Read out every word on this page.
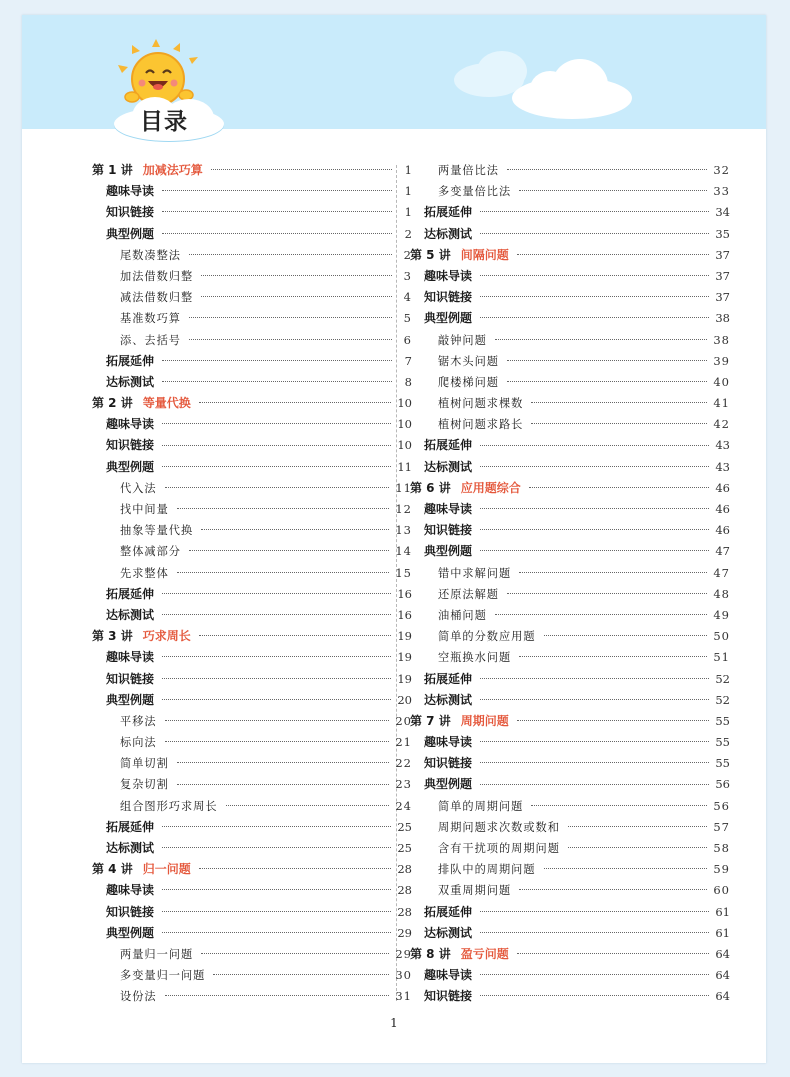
目录
第 1 讲 加减法巧算	1
趣味导读	1
知识链接	1
典型例题	2
尾数凑整法	2
加法借数归整	3
减法借数归整	4
基准数巧算	5
添、去括号	6
拓展延伸	7
达标测试	8
第 2 讲 等量代换	10
趣味导读	10
知识链接	10
典型例题	11
代入法	11
找中间量	12
抽象等量代换	13
整体减部分	14
先求整体	15
拓展延伸	16
达标测试	16
第 3 讲 巧求周长	19
趣味导读	19
知识链接	19
典型例题	20
平移法	20
标向法	21
简单切割	22
复杂切割	23
组合图形巧求周长	24
拓展延伸	25
达标测试	25
第 4 讲 归一问题	28
趣味导读	28
知识链接	28
典型例题	29
两量归一问题	29
多变量归一问题	30
设份法	31
两量倍比法	32
多变量倍比法	33
拓展延伸	34
达标测试	35
第 5 讲 间隔问题	37
趣味导读	37
知识链接	37
典型例题	38
敲钟问题	38
锯木头问题	39
爬楼梯问题	40
植树问题求棵数	41
植树问题求路长	42
拓展延伸	43
达标测试	43
第 6 讲 应用题综合	46
趣味导读	46
知识链接	46
典型例题	47
错中求解问题	47
还原法解题	48
油桶问题	49
简单的分数应用题	50
空瓶换水问题	51
拓展延伸	52
达标测试	52
第 7 讲 周期问题	55
趣味导读	55
知识链接	55
典型例题	56
简单的周期问题	56
周期问题求次数或数和	57
含有干扰项的周期问题	58
排队中的周期问题	59
双重周期问题	60
拓展延伸	61
达标测试	61
第 8 讲 盈亏问题	64
趣味导读	64
知识链接	64
1
